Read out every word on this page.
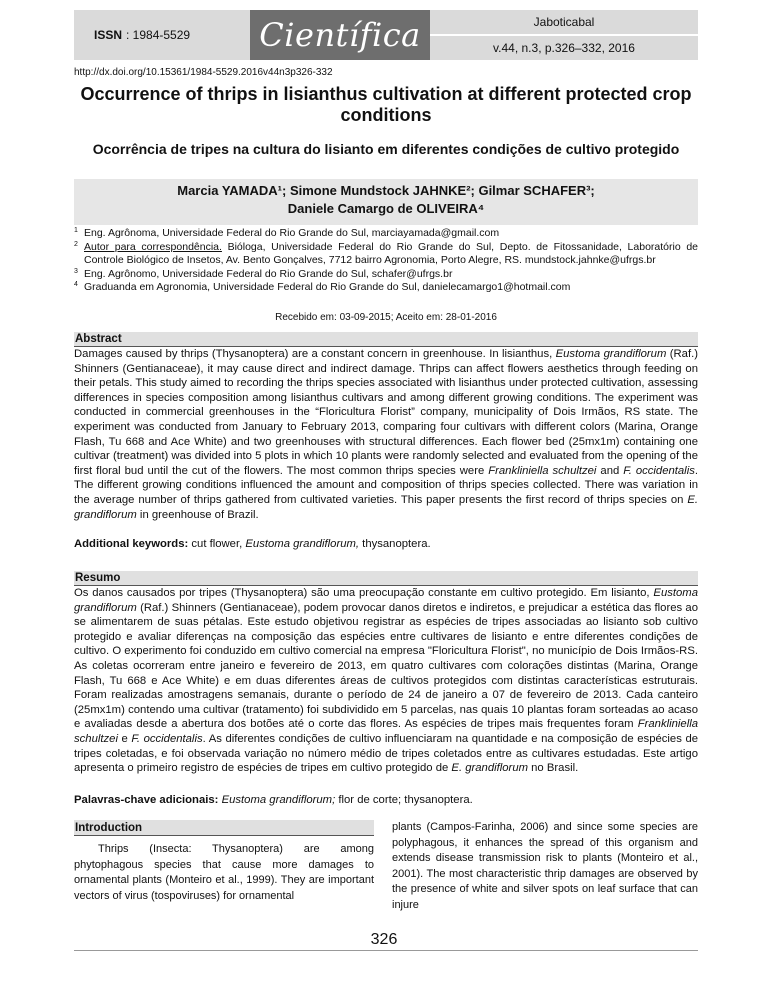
ISSN : 1984-5529 Científica	Jaboticabal
v.44, n.3, p.326–332, 2016
http://dx.doi.org/10.15361/1984-5529.2016v44n3p326-332
Occurrence of thrips in lisianthus cultivation at different protected crop conditions
Ocorrência de tripes na cultura do lisianto em diferentes condições de cultivo protegido
Marcia YAMADA¹; Simone Mundstock JAHNKE²; Gilmar SCHAFER³;
Daniele Camargo de OLIVEIRA⁴
1 Eng. Agrônoma, Universidade Federal do Rio Grande do Sul, marciayamada@gmail.com
2 Autor para correspondência. Bióloga, Universidade Federal do Rio Grande do Sul, Depto. de Fitossanidade, Laboratório de Controle Biológico de Insetos, Av. Bento Gonçalves, 7712 bairro Agronomia, Porto Alegre, RS. mundstock.jahnke@ufrgs.br
3 Eng. Agrônomo, Universidade Federal do Rio Grande do Sul, schafer@ufrgs.br
4 Graduanda em Agronomia, Universidade Federal do Rio Grande do Sul, danielecamargo1@hotmail.com
Recebido em: 03-09-2015; Aceito em: 28-01-2016
Abstract
Damages caused by thrips (Thysanoptera) are a constant concern in greenhouse. In lisianthus, Eustoma grandiflorum (Raf.) Shinners (Gentianaceae), it may cause direct and indirect damage. Thrips can affect flowers aesthetics through feeding on their petals. This study aimed to recording the thrips species associated with lisianthus under protected cultivation, assessing differences in species composition among lisianthus cultivars and among different growing conditions. The experiment was conducted in commercial greenhouses in the “Floricultura Florist” company, municipality of Dois Irmãos, RS state. The experiment was conducted from January to February 2013, comparing four cultivars with different colors (Marina, Orange Flash, Tu 668 and Ace White) and two greenhouses with structural differences. Each flower bed (25mx1m) containing one cultivar (treatment) was divided into 5 plots in which 10 plants were randomly selected and evaluated from the opening of the first floral bud until the cut of the flowers. The most common thrips species were Frankliniella schultzei and F. occidentalis. The different growing conditions influenced the amount and composition of thrips species collected. There was variation in the average number of thrips gathered from cultivated varieties. This paper presents the first record of thrips species on E. grandiflorum in greenhouse of Brazil.
Additional keywords: cut flower, Eustoma grandiflorum, thysanoptera.
Resumo
Os danos causados por tripes (Thysanoptera) são uma preocupação constante em cultivo protegido. Em lisianto, Eustoma grandiflorum (Raf.) Shinners (Gentianaceae), podem provocar danos diretos e indiretos, e prejudicar a estética das flores ao se alimentarem de suas pétalas. Este estudo objetivou registrar as espécies de tripes associadas ao lisianto sob cultivo protegido e avaliar diferenças na composição das espécies entre cultivares de lisianto e entre diferentes condições de cultivo. O experimento foi conduzido em cultivo comercial na empresa "Floricultura Florist", no município de Dois Irmãos-RS. As coletas ocorreram entre janeiro e fevereiro de 2013, em quatro cultivares com colorações distintas (Marina, Orange Flash, Tu 668 e Ace White) e em duas diferentes áreas de cultivos protegidos com distintas características estruturais. Foram realizadas amostragens semanais, durante o período de 24 de janeiro a 07 de fevereiro de 2013. Cada canteiro (25mx1m) contendo uma cultivar (tratamento) foi subdividido em 5 parcelas, nas quais 10 plantas foram sorteadas ao acaso e avaliadas desde a abertura dos botões até o corte das flores. As espécies de tripes mais frequentes foram Frankliniella schultzei e F. occidentalis. As diferentes condições de cultivo influenciaram na quantidade e na composição de espécies de tripes coletadas, e foi observada variação no número médio de tripes coletados entre as cultivares estudadas. Este artigo apresenta o primeiro registro de espécies de tripes em cultivo protegido de E. grandiflorum no Brasil.
Palavras-chave adicionais: Eustoma grandiflorum; flor de corte; thysanoptera.
Introduction
Thrips (Insecta: Thysanoptera) are among phytophagous species that cause more damages to ornamental plants (Monteiro et al., 1999). They are important vectors of virus (tospoviruses) for ornamental
plants (Campos-Farinha, 2006) and since some species are polyphagous, it enhances the spread of this organism and extends disease transmission risk to plants (Monteiro et al., 2001). The most characteristic thrip damages are observed by the presence of white and silver spots on leaf surface that can injure
326
